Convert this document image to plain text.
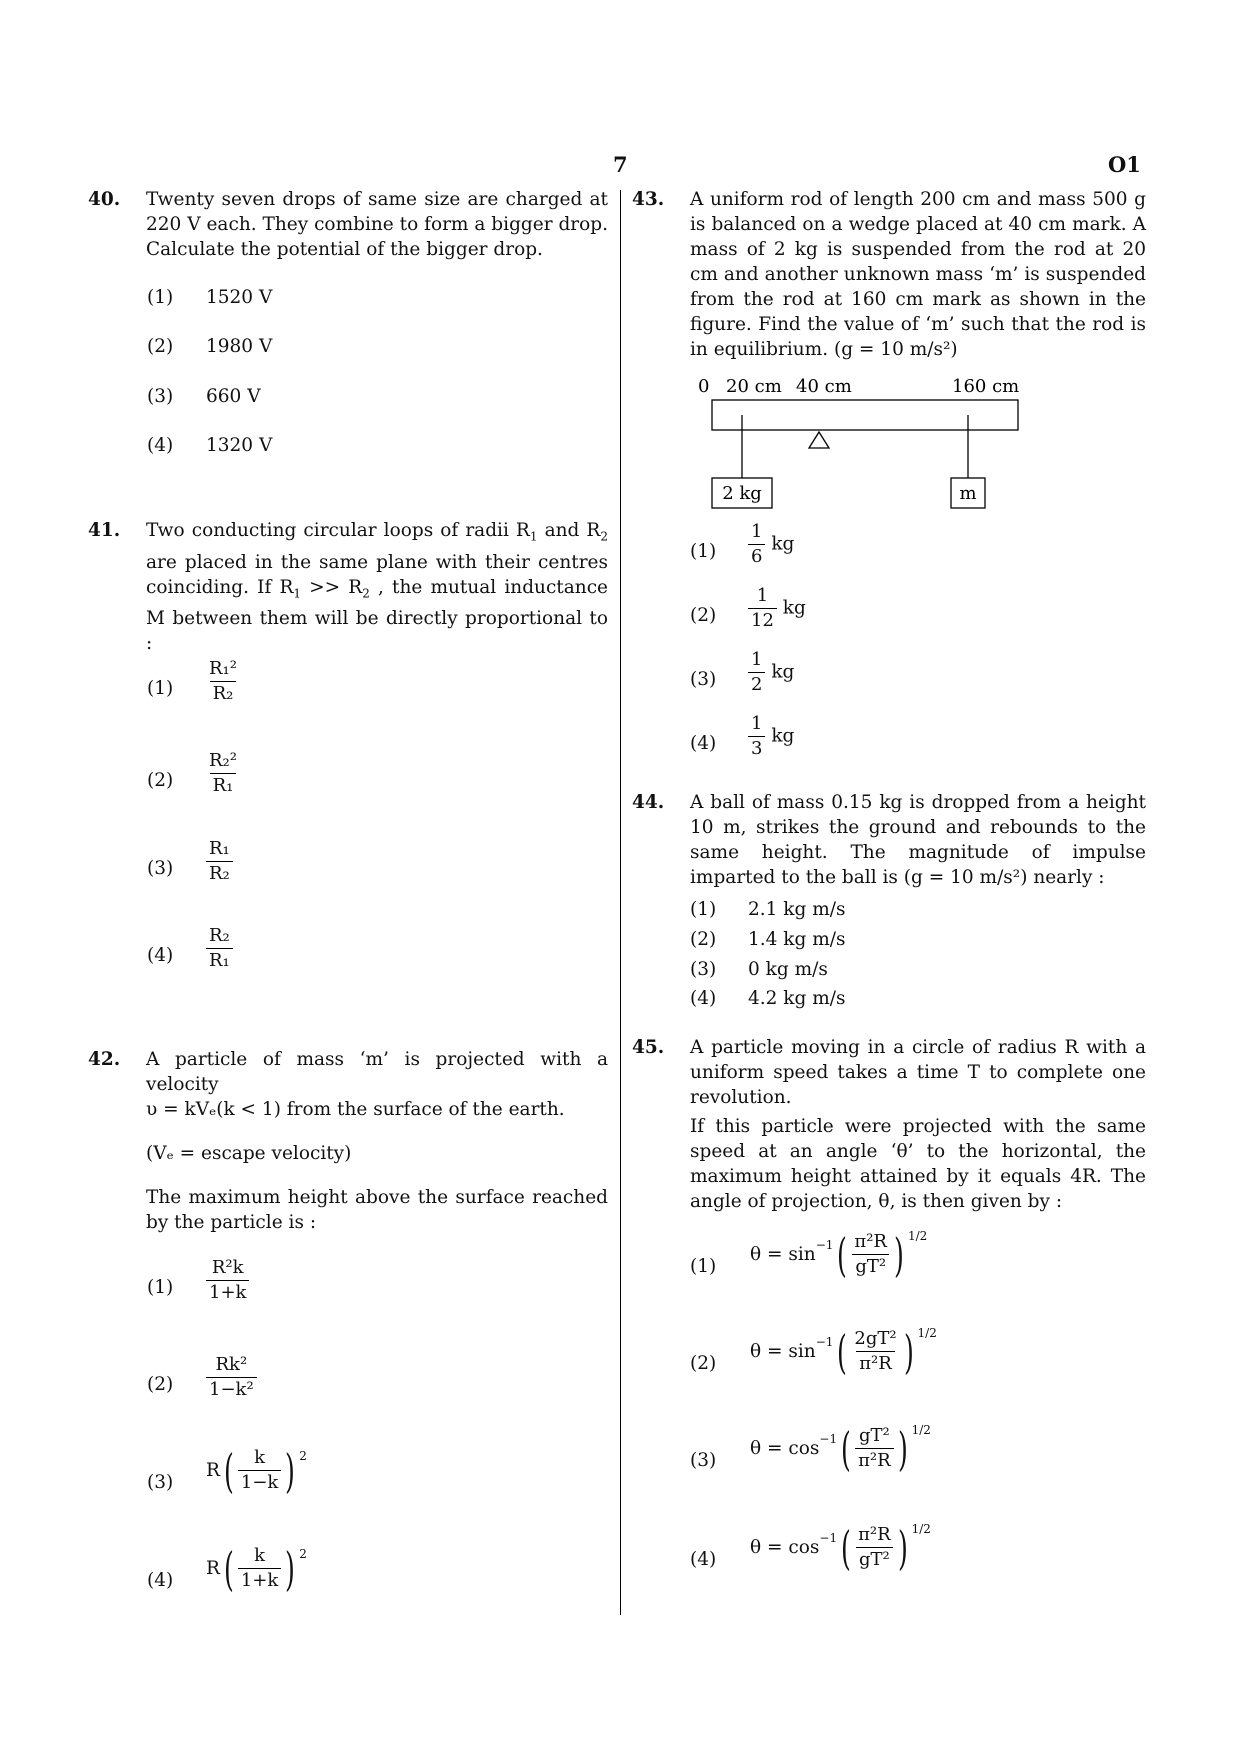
7	O1
40. Twenty seven drops of same size are charged at 220 V each. They combine to form a bigger drop. Calculate the potential of the bigger drop.
(1) 1520 V
(2) 1980 V
(3) 660 V
(4) 1320 V
41. Two conducting circular loops of radii $R_1$ and $R_2$ are placed in the same plane with their centres coinciding. If $R_1 >> R_2$ , the mutual inductance M between them will be directly proportional to :
$(1) \frac{\text{R₁²}}{\text{R₂}}$
$(2) \frac{\text{R₂²}}{\text{R₁}}$
$(3) \frac{\text{R₁}}{\text{R₂}}$
$(4) \frac{\text{R₂}}{\text{R₁}}$
42. A particle of mass ‘m’ is projected with a velocity
υ = kVₑ(k < 1) from the surface of the earth.
(Vₑ = escape velocity)
The maximum height above the surface reached by the particle is :
$(1) \frac{\text{R²k}}{1+k}$
$(2) \frac{\text{Rk²}}{\text{1−k²}}$
(3)
R ( $\frac{k}{1-k}$ ) 2
(4)
R ( $\frac{k}{1+k}$ ) 2
43. A uniform rod of length 200 cm and mass 500 g is balanced on a wedge placed at 40 cm mark. A mass of 2 kg is suspended from the rod at 20 cm and another unknown mass ‘m’ is suspended from the rod at 160 cm mark as shown in the figure. Find the value of ‘m’ such that the rod is in equilibrium. (g = 10 m/s²)
0 20 cm 40 cm	160 cm
2 kg	m
$(1) \frac{1}{6}$ kg
$(2) \frac{1}{12}$ kg
$(3) \frac{1}{2}$ kg
$(4) \frac{1}{3}$ kg
44. A ball of mass 0.15 kg is dropped from a height 10 m, strikes the ground and rebounds to the same height. The magnitude of impulse imparted to the ball is (g = 10 m/s²) nearly :
(1) 2.1 kg m/s
(2) 1.4 kg m/s
(3) 0 kg m/s
(4) 4.2 kg m/s
45. A particle moving in a circle of radius R with a uniform speed takes a time T to complete one revolution.
If this particle were projected with the same speed at an angle ‘θ’ to the horizontal, the maximum height attained by it equals 4R. The angle of projection, θ, is then given by :
(1)
θ = sin −1 ( $\frac{\text{π²R}}{\text{gT²}}$ ) 1/2
(2)
θ = sin −1 ( $\frac{\text{2gT²}}{\text{π²R}}$ ) 1/2
(3)
θ = cos −1 ( $\frac{\text{gT²}}{\text{π²R}}$ ) 1/2
(4)
θ = cos −1 ( $\frac{\text{π²R}}{\text{gT²}}$ ) 1/2
